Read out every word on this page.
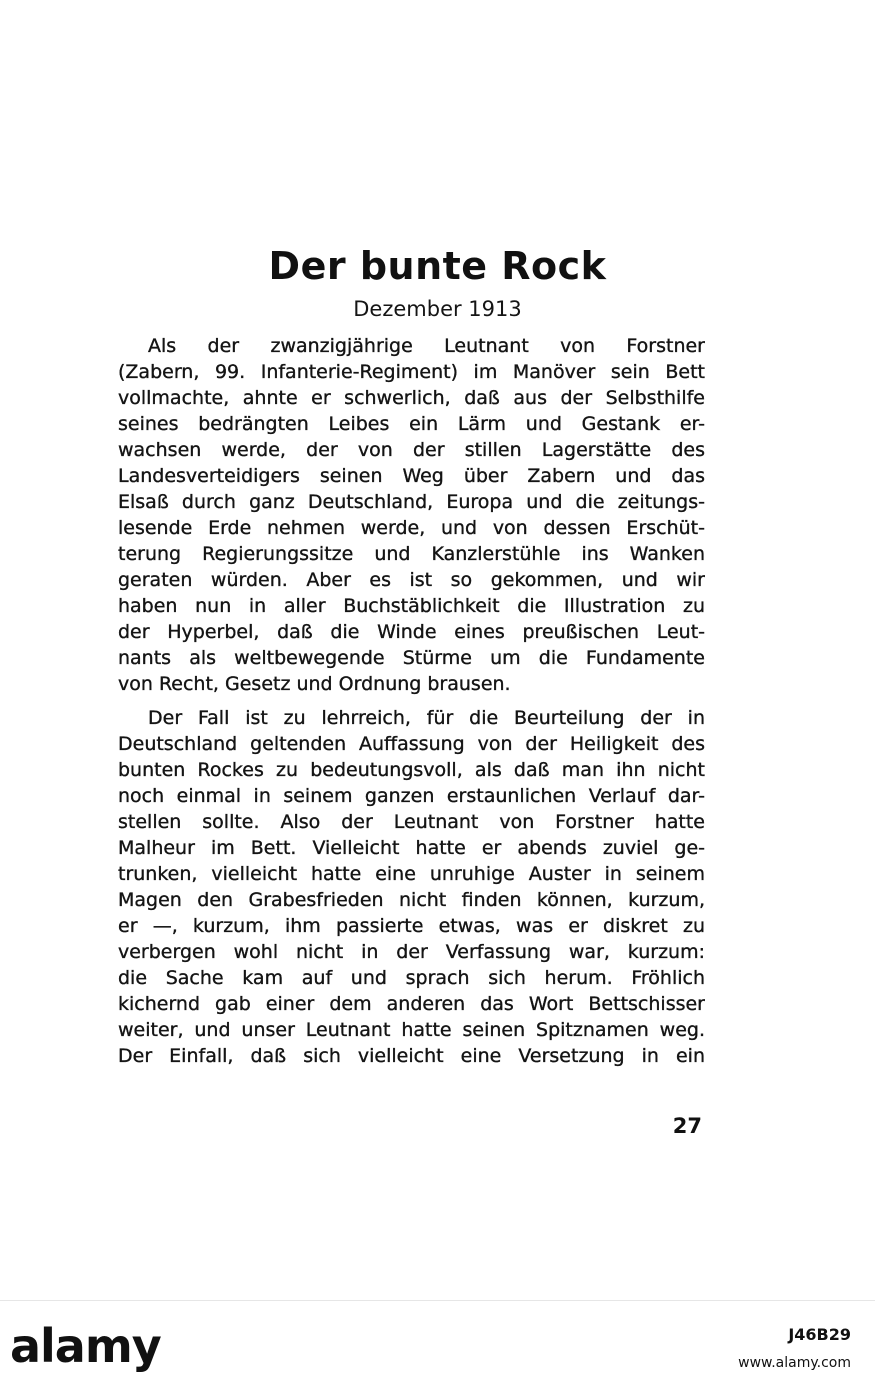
Der bunte Rock
Dezember 1913
Als der zwanzigjährige Leutnant von Forstner
(Zabern, 99. Infanterie-Regiment) im Manöver sein Bett
vollmachte, ahnte er schwerlich, daß aus der Selbsthilfe
seines bedrängten Leibes ein Lärm und Gestank er-
wachsen werde, der von der stillen Lagerstätte des
Landesverteidigers seinen Weg über Zabern und das
Elsaß durch ganz Deutschland, Europa und die zeitungs-
lesende Erde nehmen werde, und von dessen Erschüt-
terung Regierungssitze und Kanzlerstühle ins Wanken
geraten würden. Aber es ist so gekommen, und wir
haben nun in aller Buchstäblichkeit die Illustration zu
der Hyperbel, daß die Winde eines preußischen Leut-
nants als weltbewegende Stürme um die Fundamente
von Recht, Gesetz und Ordnung brausen.
Der Fall ist zu lehrreich, für die Beurteilung der in
Deutschland geltenden Auffassung von der Heiligkeit des
bunten Rockes zu bedeutungsvoll, als daß man ihn nicht
noch einmal in seinem ganzen erstaunlichen Verlauf dar-
stellen sollte. Also der Leutnant von Forstner hatte
Malheur im Bett. Vielleicht hatte er abends zuviel ge-
trunken, vielleicht hatte eine unruhige Auster in seinem
Magen den Grabesfrieden nicht finden können, kurzum,
er —, kurzum, ihm passierte etwas, was er diskret zu
verbergen wohl nicht in der Verfassung war, kurzum:
die Sache kam auf und sprach sich herum. Fröhlich
kichernd gab einer dem anderen das Wort Bettschisser
weiter, und unser Leutnant hatte seinen Spitznamen weg.
Der Einfall, daß sich vielleicht eine Versetzung in ein
27
alamy	J46B29
www.alamy.com
